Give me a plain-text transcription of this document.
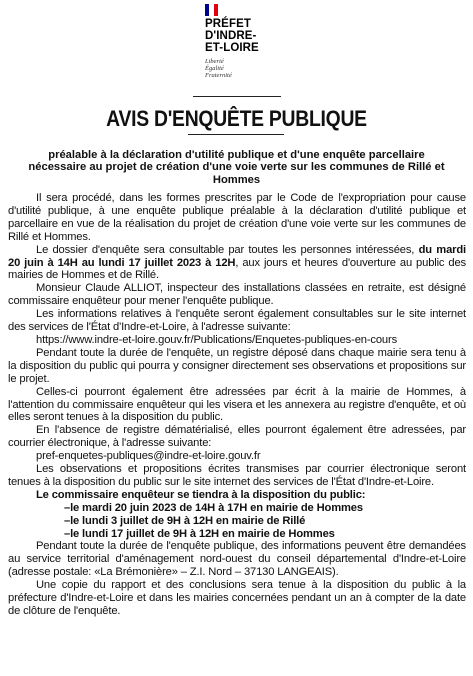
PRÉFET
D'INDRE-
ET-LOIRE
Liberté
Égalité
Fraternité
AVIS D'ENQUÊTE PUBLIQUE
préalable à la déclaration d'utilité publique et d'une enquête parcellaire nécessaire au projet de création d'une voie verte sur les communes de Rillé et Hommes

Il sera procédé, dans les formes prescrites par le Code de l'expropriation pour cause d'utilité publique, à une enquête publique préalable à la déclaration d'utilité publique et parcellaire en vue de la réalisation du projet de création d'une voie verte sur les communes de Rillé et Hommes.

Le dossier d'enquête sera consultable par toutes les personnes intéressées, du mardi 20 juin à 14H au lundi 17 juillet 2023 à 12H, aux jours et heures d'ouverture au public des mairies de Hommes et de Rillé.

Monsieur Claude ALLIOT, inspecteur des installations classées en retraite, est désigné commissaire enquêteur pour mener l'enquête publique.

Les informations relatives à l'enquête seront également consultables sur le site internet des services de l'État d'Indre-et-Loire, à l'adresse suivante:

https://www.indre-et-loire.gouv.fr/Publications/Enquetes-publiques-en-cours

Pendant toute la durée de l'enquête, un registre déposé dans chaque mairie sera tenu à la disposition du public qui pourra y consigner directement ses observations et propositions sur le projet.

Celles-ci pourront également être adressées par écrit à la mairie de Hommes, à l'attention du commissaire enquêteur qui les visera et les annexera au registre d'enquête, et où elles seront tenues à la disposition du public.

En l'absence de registre dématérialisé, elles pourront également être adressées, par courrier électronique, à l'adresse suivante:

pref-enquetes-publiques@indre-et-loire.gouv.fr

Les observations et propositions écrites transmises par courrier électronique seront tenues à la disposition du public sur le site internet des services de l'État d'Indre-et-Loire.

Le commissaire enquêteur se tiendra à la disposition du public:

–le mardi 20 juin 2023 de 14H à 17H en mairie de Hommes

–le lundi 3 juillet de 9H à 12H en mairie de Rillé

–le lundi 17 juillet de 9H à 12H en mairie de Hommes

Pendant toute la durée de l'enquête publique, des informations peuvent être demandées au service territorial d'aménagement nord-ouest du conseil départemental d'Indre-et-Loire (adresse postale: «La Brémonière» – Z.I. Nord – 37130 LANGEAIS).

Une copie du rapport et des conclusions sera tenue à la disposition du public à la préfecture d'Indre-et-Loire et dans les mairies concernées pendant un an à compter de la date de clôture de l'enquête.
